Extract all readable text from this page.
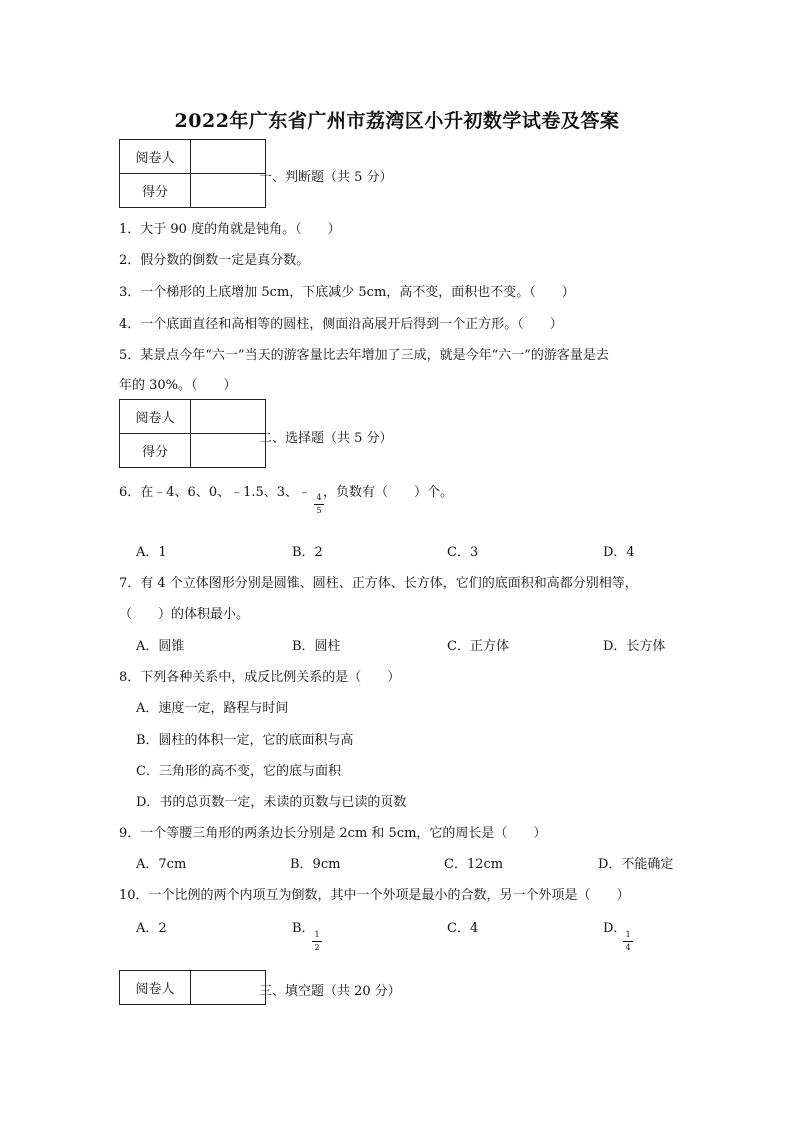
2022年广东省广州市荔湾区小升初数学试卷及答案
阅卷人	
得分	
一、判断题（共 5 分）
1．大于 90 度的角就是钝角。（　　）
2．假分数的倒数一定是真分数。
3．一个梯形的上底增加 5cm，下底减少 5cm，高不变，面积也不变。（　　）
4．一个底面直径和高相等的圆柱，侧面沿高展开后得到一个正方形。（　　）
5．某景点今年“六一”当天的游客量比去年增加了三成，就是今年“六一”的游客量是去
年的 30%。（　　）
阅卷人	
得分	
二、选择题（共 5 分）
6．在﹣4、6、0、﹣1.5、3、﹣ ，负数有（　　）个。
4
5
A．1	B．2	C．3	D．4
7．有 4 个立体图形分别是圆锥、圆柱、正方体、长方体，它们的底面积和高都分别相等，
（　　）的体积最小。
A．圆锥	B．圆柱	C．正方体	D．长方体
8．下列各种关系中，成反比例关系的是（　　）
A．速度一定，路程与时间
B．圆柱的体积一定，它的底面积与高
C．三角形的高不变，它的底与面积
D．书的总页数一定，未读的页数与已读的页数
9．一个等腰三角形的两条边长分别是 2cm 和 5cm，它的周长是（　　）
A．7cm	B．9cm	C．12cm	D．不能确定
10．一个比例的两个内项互为倒数，其中一个外项是最小的合数，另一个外项是（　　）
A．2	B． 1
2
C．4	D． 1
4
阅卷人		三、填空题（共 20 分）
